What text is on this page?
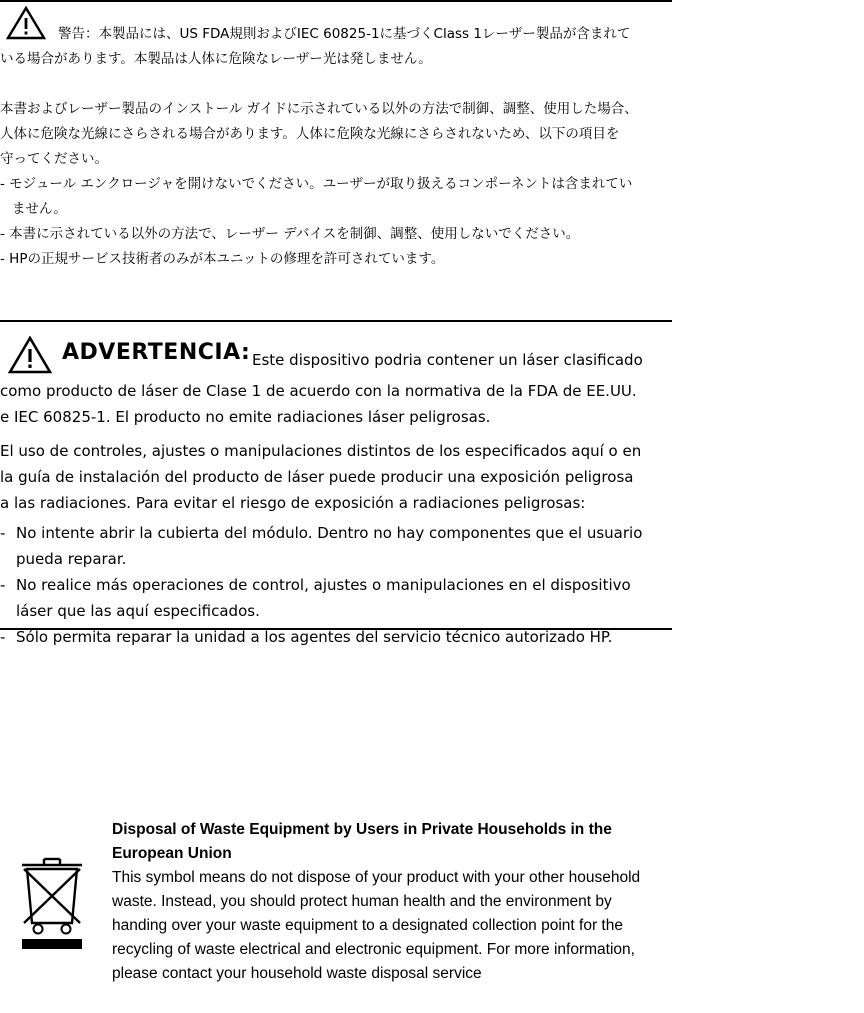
警告：本製品には、US FDA規則およびIEC 60825-1に基づくClass 1レーザー製品が含まれて
いる場合があります。本製品は人体に危険なレーザー光は発しません。
本書およびレーザー製品のインストール ガイドに示されている以外の方法で制御、調整、使用した場合、
人体に危険な光線にさらされる場合があります。人体に危険な光線にさらされないため、以下の項目を
守ってください。
- モジュール エンクロージャを開けないでください。ユーザーが取り扱えるコンポーネントは含まれてい
ません。
- 本書に示されている以外の方法で、レーザー デバイスを制御、調整、使用しないでください。
- HPの正規サービス技術者のみが本ユニットの修理を許可されています。
ADVERTENCIA: Este dispositivo podria contener un láser clasificado
como producto de láser de Clase 1 de acuerdo con la normativa de la FDA de EE.UU.
e IEC 60825-1. El producto no emite radiaciones láser peligrosas.
El uso de controles, ajustes o manipulaciones distintos de los especificados aquí o en
la guía de instalación del producto de láser puede producir una exposición peligrosa
a las radiaciones. Para evitar el riesgo de exposición a radiaciones peligrosas:
- No intente abrir la cubierta del módulo. Dentro no hay componentes que el usuario
pueda reparar.
- No realice más operaciones de control, ajustes o manipulaciones en el dispositivo
láser que las aquí especificados.
- Sólo permita reparar la unidad a los agentes del servicio técnico autorizado HP.
Disposal of Waste Equipment by Users in Private Households in the
European Union
This symbol means do not dispose of your product with your other household
waste. Instead, you should protect human health and the environment by
handing over your waste equipment to a designated collection point for the
recycling of waste electrical and electronic equipment. For more information,
please contact your household waste disposal service
